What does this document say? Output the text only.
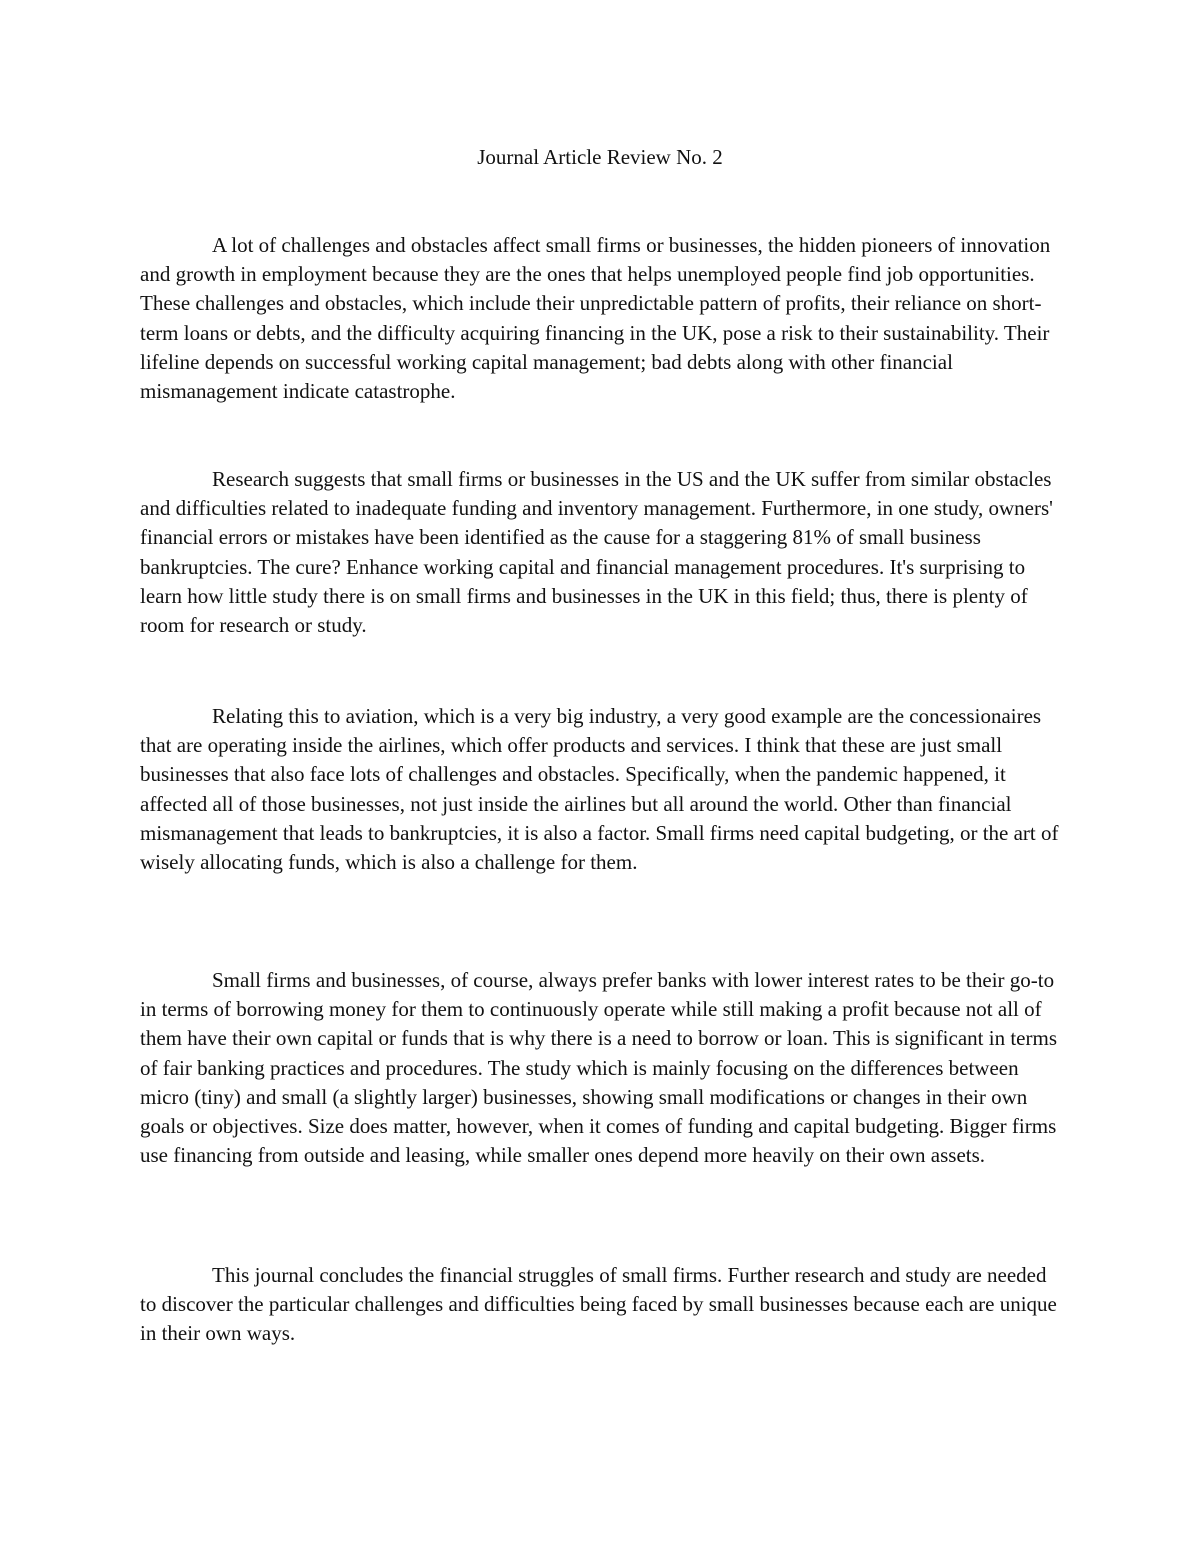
Journal Article Review No. 2

A lot of challenges and obstacles affect small firms or businesses, the hidden pioneers of innovation and growth in employment because they are the ones that helps unemployed people find job opportunities. These challenges and obstacles, which include their unpredictable pattern of profits, their reliance on short-term loans or debts, and the difficulty acquiring financing in the UK, pose a risk to their sustainability. Their lifeline depends on successful working capital management; bad debts along with other financial mismanagement indicate catastrophe.

Research suggests that small firms or businesses in the US and the UK suffer from similar obstacles and difficulties related to inadequate funding and inventory management. Furthermore, in one study, owners' financial errors or mistakes have been identified as the cause for a staggering 81% of small business bankruptcies. The cure? Enhance working capital and financial management procedures. It's surprising to learn how little study there is on small firms and businesses in the UK in this field; thus, there is plenty of room for research or study.

Relating this to aviation, which is a very big industry, a very good example are the concessionaires that are operating inside the airlines, which offer products and services. I think that these are just small businesses that also face lots of challenges and obstacles. Specifically, when the pandemic happened, it affected all of those businesses, not just inside the airlines but all around the world. Other than financial mismanagement that leads to bankruptcies, it is also a factor. Small firms need capital budgeting, or the art of wisely allocating funds, which is also a challenge for them.

Small firms and businesses, of course, always prefer banks with lower interest rates to be their go-to in terms of borrowing money for them to continuously operate while still making a profit because not all of them have their own capital or funds that is why there is a need to borrow or loan. This is significant in terms of fair banking practices and procedures. The study which is mainly focusing on the differences between micro (tiny) and small (a slightly larger) businesses, showing small modifications or changes in their own goals or objectives. Size does matter, however, when it comes of funding and capital budgeting. Bigger firms use financing from outside and leasing, while smaller ones depend more heavily on their own assets.

This journal concludes the financial struggles of small firms. Further research and study are needed to discover the particular challenges and difficulties being faced by small businesses because each are unique in their own ways.
